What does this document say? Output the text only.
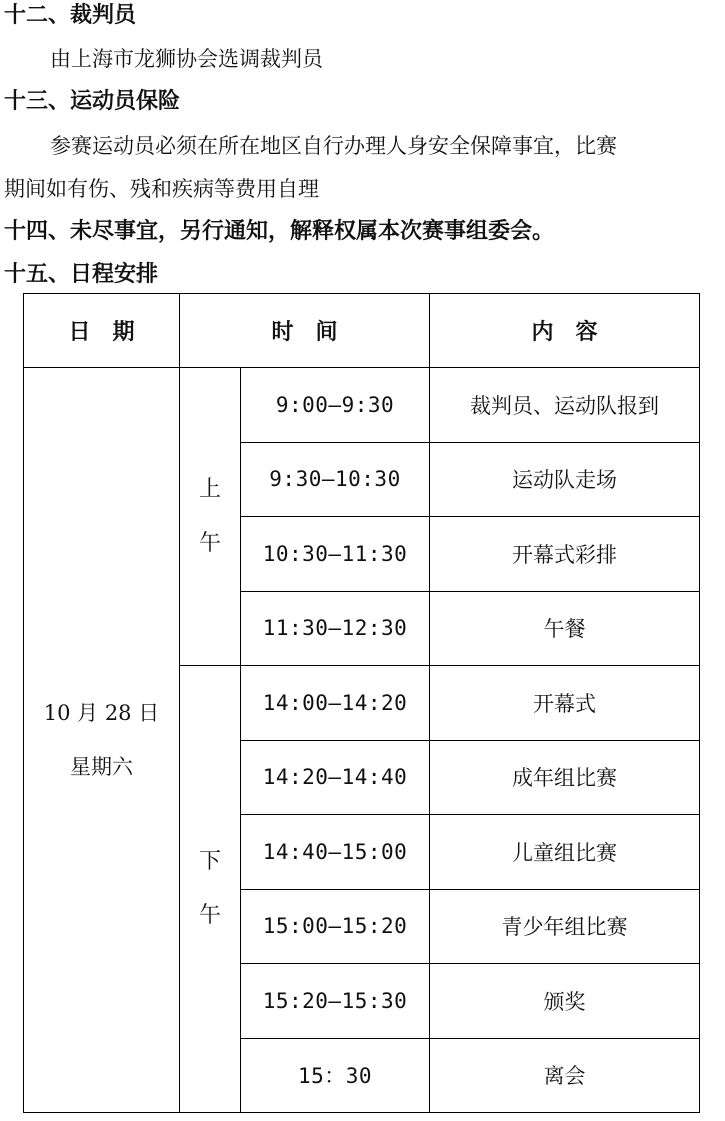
十二、裁判员
由上海市龙狮协会选调裁判员
十三、运动员保险
参赛运动员必须在所在地区自行办理人身安全保障事宜，比赛
期间如有伤、残和疾病等费用自理
十四、未尽事宜，另行通知，解释权属本次赛事组委会。
十五、日程安排
日　期	时　间		内　容

10 月 28 日
星期六	上午	9:00—9:30	裁判员、运动队报到
		9:30—10:30	运动队走场
		10:30—11:30	开幕式彩排
		11:30—12:30	午餐
	下午	14:00—14:20	开幕式
		14:20—14:40	成年组比赛
		14:40—15:00	儿童组比赛
		15:00—15:20	青少年组比赛
		15:20—15:30	颁奖
		15：30	离会
